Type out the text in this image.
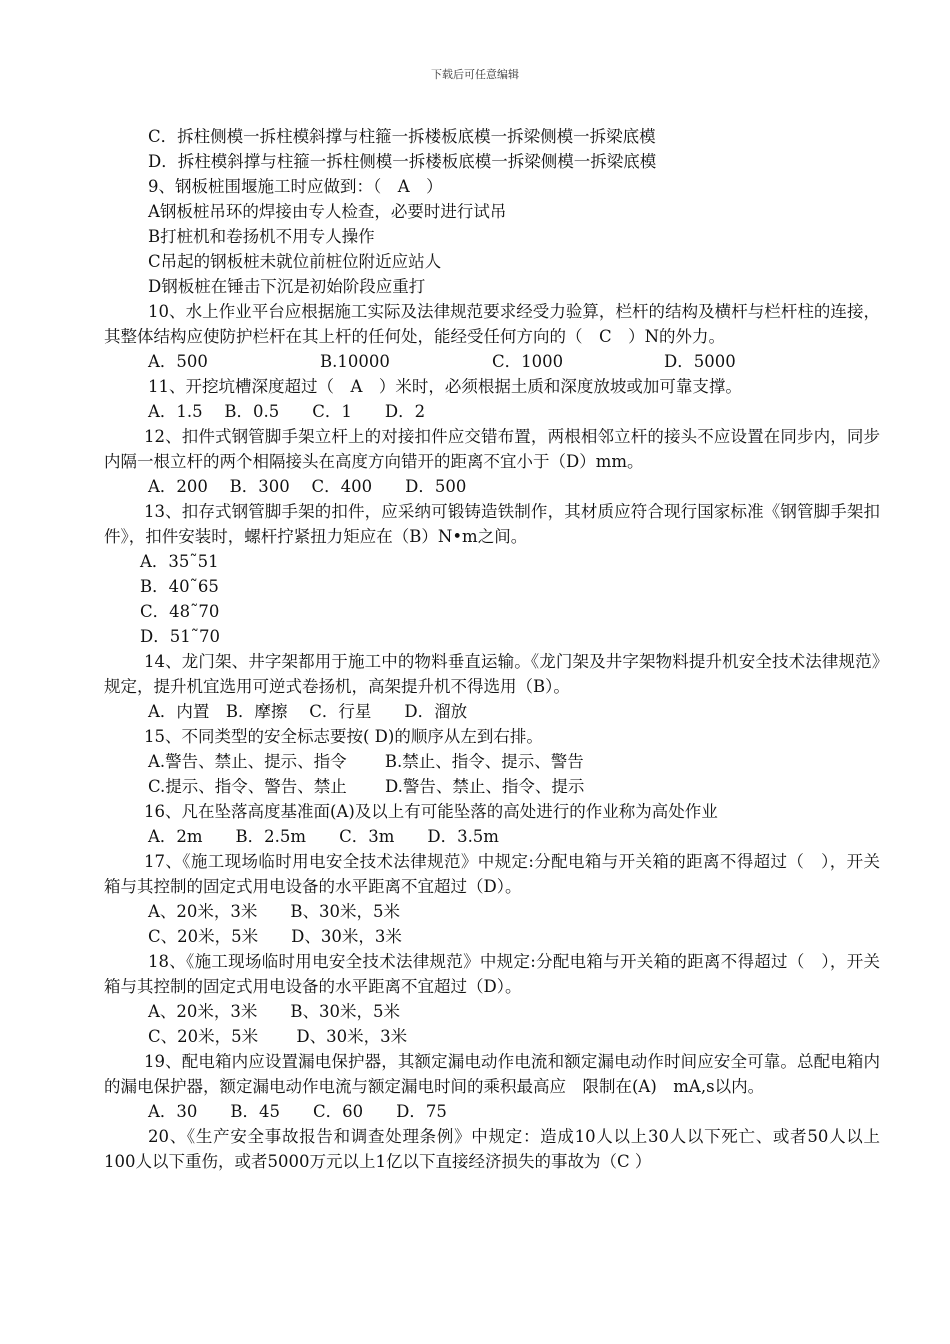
下载后可任意编辑
C．拆柱侧模一拆柱模斜撑与柱箍一拆楼板底模一拆梁侧模一拆梁底模
D．拆柱模斜撑与柱箍一拆柱侧模一拆楼板底模一拆梁侧模一拆梁底模
9、钢板桩围堰施工时应做到：（　A　）
A钢板桩吊环的焊接由专人检查，必要时进行试吊
B打桩机和卷扬机不用专人操作
C吊起的钢板桩未就位前桩位附近应站人
D钢板桩在锤击下沉是初始阶段应重打
10、水上作业平台应根据施工实际及法律规范要求经受力验算，栏杆的结构及横杆与栏杆柱的连接，其整体结构应使防护栏杆在其上杆的任何处，能经受任何方向的（　C　）N的外力。
A．500	B.10000	C．1000	D．5000
11、开挖坑槽深度超过（　A　）米时，必须根据土质和深度放坡或加可靠支撑。
A．1.5　 B．0.5　　C．1　　D．2
12、扣件式钢管脚手架立杆上的对接扣件应交错布置，两根相邻立杆的接头不应设置在同步内，同步内隔一根立杆的两个相隔接头在高度方向错开的距离不宜小于（D）mm。
A．200　 B．300　 C．400　　D．500
13、扣存式钢管脚手架的扣件，应采纳可锻铸造铁制作，其材质应符合现行国家标准《钢管脚手架扣件》，扣件安装时，螺杆拧紧扭力矩应在（B）N•m之间。
A．35˜51
B．40˜65
C．48˜70
D．51˜70
14、龙门架、井字架都用于施工中的物料垂直运输。《龙门架及井字架物料提升机安全技术法律规范》规定，提升机宜选用可逆式卷扬机，高架提升机不得选用（B）。
A．内置　B．摩擦　 C．行星　　D．溜放
15、不同类型的安全标志要按( D)的顺序从左到右排。
A.警告、禁止、提示、指令　　 B.禁止、指令、提示、警告
C.提示、指令、警告、禁止　　 D.警告、禁止、指令、提示
16、凡在坠落高度基准面(A)及以上有可能坠落的高处进行的作业称为高处作业
A．2m　　B．2.5m　　C．3m　　D．3.5m
17、《施工现场临时用电安全技术法律规范》中规定:分配电箱与开关箱的距离不得超过（　），开关箱与其控制的固定式用电设备的水平距离不宜超过（D）。
A、20米，3米　　B、30米，5米
C、20米，5米　　D、30米，3米
18、《施工现场临时用电安全技术法律规范》中规定:分配电箱与开关箱的距离不得超过（　），开关箱与其控制的固定式用电设备的水平距离不宜超过（D）。
A、20米，3米　　B、30米，5米
C、20米，5米　　 D、30米，3米
19、配电箱内应设置漏电保护器，其额定漏电动作电流和额定漏电动作时间应安全可靠。总配电箱内的漏电保护器，额定漏电动作电流与额定漏电时间的乘积最高应　限制在(A)　mA,s以内。
A．30　　B．45　　C．60　　D．75
20、《生产安全事故报告和调查处理条例》中规定：造成10人以上30人以下死亡、或者50人以上100人以下重伤，或者5000万元以上1亿以下直接经济损失的事故为（C ）
